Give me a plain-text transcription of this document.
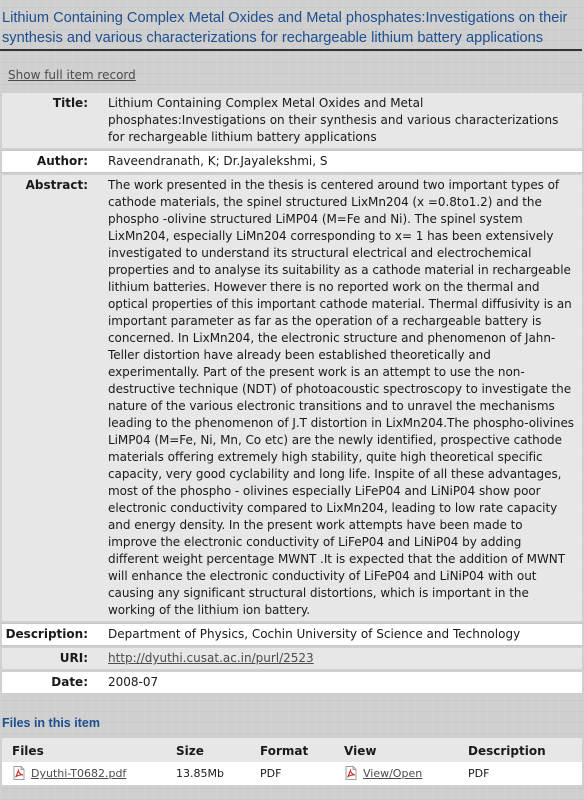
Lithium Containing Complex Metal Oxides and Metal phosphates:Investigations on their synthesis and various characterizations for rechargeable lithium battery applications
Show full item record
Title:	Lithium Containing Complex Metal Oxides and Metal phosphates:Investigations on their synthesis and various characterizations for rechargeable lithium battery applications
Author:	Raveendranath, K; Dr.Jayalekshmi, S
Abstract:	The work presented in the thesis is centered around two important types of cathode materials, the spinel structured LixMn204 (x =0.8to1.2) and the phospho -olivine structured LiMP04 (M=Fe and Ni). The spinel system LixMn204, especially LiMn204 corresponding to x= 1 has been extensively investigated to understand its structural electrical and electrochemical properties and to analyse its suitability as a cathode material in rechargeable lithium batteries. However there is no reported work on the thermal and optical properties of this important cathode material. Thermal diffusivity is an important parameter as far as the operation of a rechargeable battery is concerned. In LixMn204, the electronic structure and phenomenon of Jahn-Teller distortion have already been established theoretically and experimentally. Part of the present work is an attempt to use the non-destructive technique (NDT) of photoacoustic spectroscopy to investigate the nature of the various electronic transitions and to unravel the mechanisms leading to the phenomenon of J.T distortion in LixMn204.The phospho-olivines LiMP04 (M=Fe, Ni, Mn, Co etc) are the newly identified, prospective cathode materials offering extremely high stability, quite high theoretical specific capacity, very good cyclability and long life. Inspite of all these advantages, most of the phospho - olivines especially LiFeP04 and LiNiP04 show poor electronic conductivity compared to LixMn204, leading to low rate capacity and energy density. In the present work attempts have been made to improve the electronic conductivity of LiFeP04 and LiNiP04 by adding different weight percentage MWNT .It is expected that the addition of MWNT will enhance the electronic conductivity of LiFeP04 and LiNiP04 with out causing any significant structural distortions, which is important in the working of the lithium ion battery.
Description:	Department of Physics, Cochin University of Science and Technology
URI:	http://dyuthi.cusat.ac.in/purl/2523
Date:	2008-07
Files in this item
Files	Size	Format	View	Description
Dyuthi-T0682.pdf	13.85Mb	PDF	View/Open	PDF
